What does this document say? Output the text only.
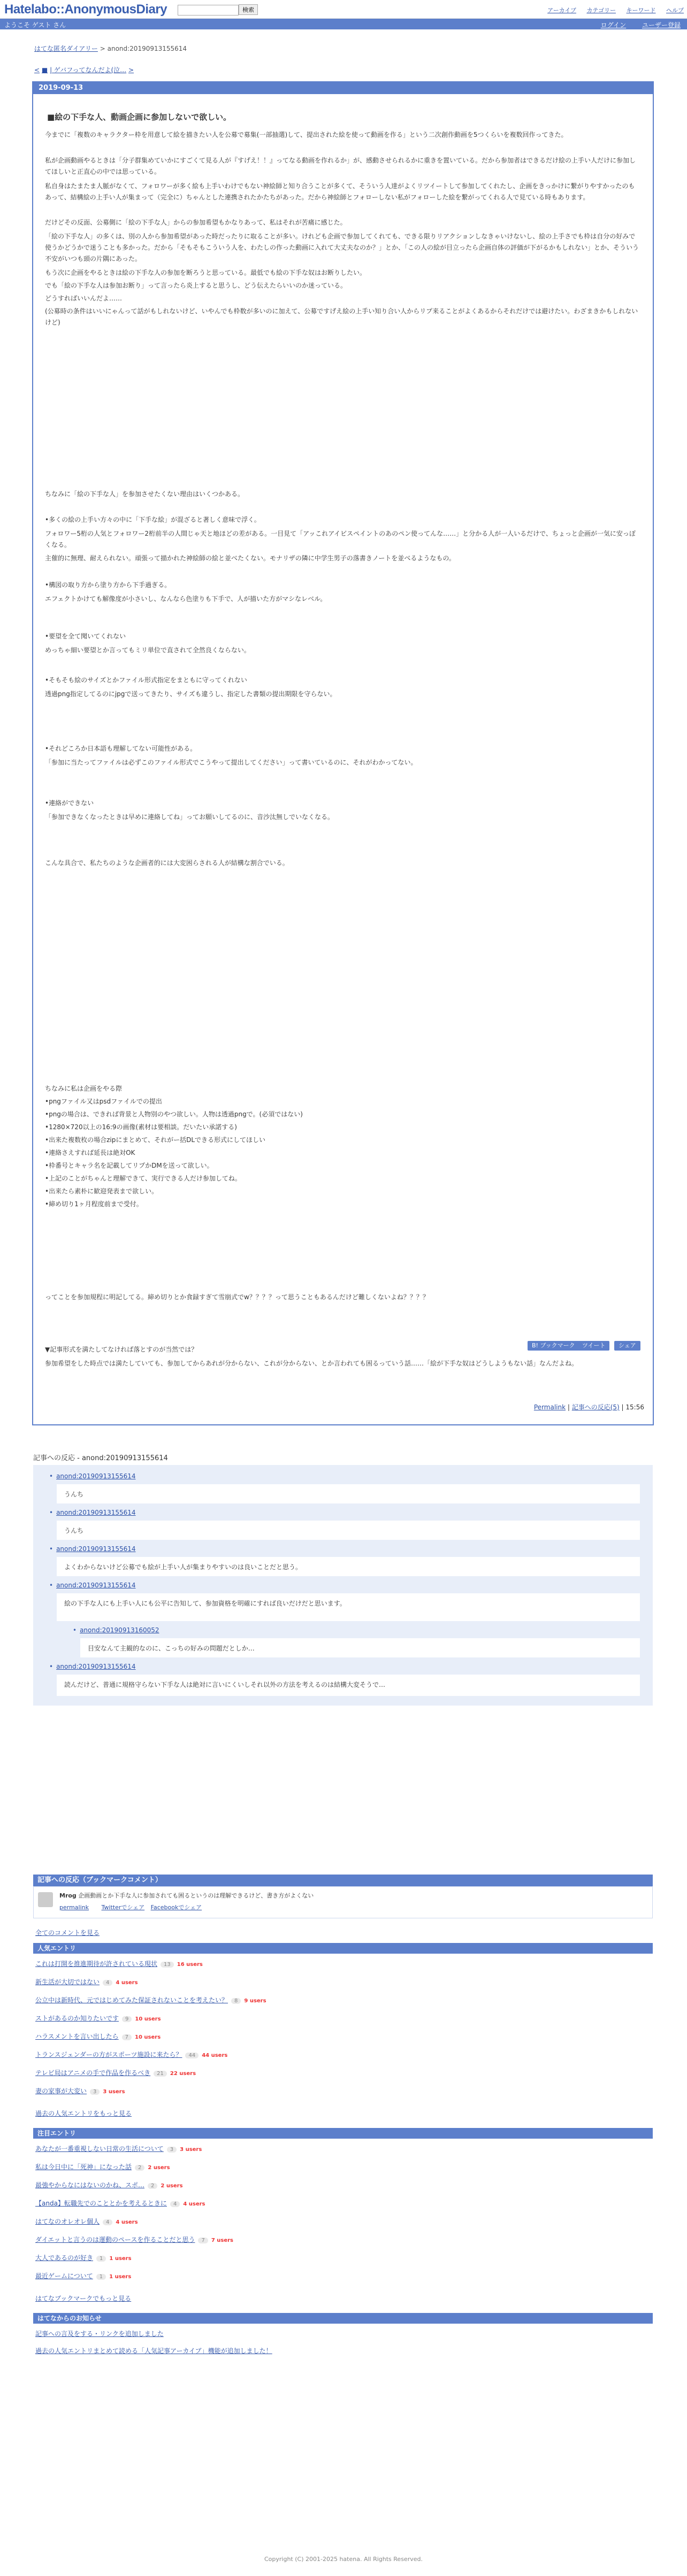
Hatelabo::AnonymousDiary	検索	アーカイブ カテゴリー キーワード ヘルプ
ようこそ ゲスト さん	ログイン ユーザー登録
はてな匿名ダイアリー > anond:20190913155614
< ■ | ゲバフってなんだよ(泣… >
2019-09-13
■絵の下手な人、動画企画に参加しないで欲しい。
今までに「複数のキャラクター枠を用意して絵を描きたい人を公募で募集(一部抽選)して、提出された絵を使って動画を作る」という二次創作動画を5つくらいを複数回作ってきた。
私が企画動画やるときは「分子群集めていかにすごくて見る人が『すげえ！！』ってなる動画を作れるか」が、感動させられるかに重きを置いている。だから参加者はできるだけ絵の上手い人だけに参加してほしいと正直心の中では思っている。
私自身はたまたま人脈がなくて、フォロワーが多く絵も上手いわけでもない神絵師と知り合うことが多くて、そういう人達がよくリツイートして参加してくれたし、企画をきっかけに繋がりやすかったのもあって、結構絵の上手い人が集まって（完全に）ちゃんとした連携されたかたちがあった。だから神絵師とフォローしない私がフォローした絵を繋がってくれる人で見ている時もあります。
だけどその反面、公募側に「絵の下手な人」からの参加希望もかなりあって、私はそれが苦痛に感じた。
「絵の下手な人」の多くは、別の人から参加希望があった時だったりに取ることが多い。けれども企画で参加してくれても、できる限りリアクションしなきゃいけないし、絵の上手さでも枠は自分の好みで使うかどうかで迷うことも多かった。だから「そもそもこういう人を、わたしの作った動画に入れて大丈夫なのか？」とか、「この人の絵が目立ったら企画自体の評価が下がるかもしれない」とか、そういう不安がいつも頭の片隅にあった。
もう次に企画をやるときは絵の下手な人の参加を断ろうと思っている。最低でも絵の下手な奴はお断りしたい。
でも「絵の下手な人は参加お断り」って言ったら炎上すると思うし、どう伝えたらいいのか迷っている。
どうすればいいんだよ……
(公募時の条件はいいにゃんって話がもしれないけど、いやんでも枠数が多いのに加えて、公募ですげえ絵の上手い知り合い人からリプ来ることがよくあるからそれだけでは避けたい。わざまきかもしれないけど)
ちなみに「絵の下手な人」を参加させたくない理由はいくつかある。
•多くの絵の上手い方々の中に「下手な絵」が混ざると著しく意味で浮く。
フォロワー5桁の人気とフォロワー2桁前半の人間じゃ天と地ほどの差がある。一目見て「アッこれアイビスペイントのあのペン使ってんな……」と分かる人が一人いるだけで、ちょっと企画が一気に安っぽくなる。
主催的に無理、耐えられない。頑張って描かれた神絵師の絵と並べたくない。モナリザの隣に中学生男子の落書きノートを並べるようなもの。
•構図の取り方から塗り方から下手過ぎる。
エフェクトかけても解像度が小さいし、なんなら色塗りも下手で、人が描いた方がマシなレベル。
•要望を全て聞いてくれない
めっちゃ細い要望とか言ってもミリ単位で直されて全然良くならない。
•そもそも絵のサイズとかファイル形式指定をまともに守ってくれない
透過png指定してるのにjpgで送ってきたり、サイズも違うし、指定した書類の提出期限を守らない。
•それどころか日本語も理解してない可能性がある。
「参加に当たってファイルは必ずこのファイル形式でこうやって提出してください」って書いているのに、それがわかってない。
•連絡ができない
「参加できなくなったときは早めに連絡してね」ってお願いしてるのに、音沙汰無しでいなくなる。
こんな具合で、私たちのような企画者的には大変困らされる人が結構な割合でいる。
ちなみに私は企画をやる際
•pngファイル又はpsdファイルでの提出
•pngの場合は、できれば背景と人物別のやつ欲しい。人物は透過pngで。(必須ではない)
•1280×720以上の16:9の画像(素材は要相談。だいたい承諾する)
•出来た複数枚の場合zipにまとめて、それがー括DLできる形式にしてほしい
•連絡さえすれば延長は絶対OK
•枠番号とキャラ名を記載してリプかDMを送って欲しい。
•上記のことがちゃんと理解できて、実行できる人だけ参加してね。
•出来たら素朴に歓迎発表まで欲しい。
•締め切り1ヶ月程度前まで受付。
ってことを参加規程に明記してる。締め切りとか食録すぎて雪崩式でw？？？？って思うこともあるんだけど難しくないよね？？？？
▼記事形式を満たしてなければ落とすのが当然では？
参加希望をした時点では満たしていても、参加してからあれが分からない、これが分からない、とか言われても困るっていう話……「絵が下手な奴はどうしようもない話」なんだよね。
Permalink | 記事への反応(5) | 15:56
B! ブックマーク	ツイート	シェア
記事への反応 - anond:20190913155614
• anond:20190913155614
うんち
• anond:20190913155614
うんち
• anond:20190913155614
よくわからないけど公募でも絵が上手い人が集まりやすいのは良いことだと思う。
• anond:20190913155614
絵の下手な人にも上手い人にも公平に告知して、参加資格を明確にすれば良いだけだと思います。
• anond:20190913160052
目安なんて主観的なのに、こっちの好みの問題だとしか…
• anond:20190913155614
読んだけど、普通に規格守らない下手な人は絶対に言いにくいしそれ以外の方法を考えるのは結構大変そうで…
記事への反応（ブックマークコメント）
Mrog 企画動画とか下手な人に参加されても困るというのは理解できるけど、書き方がよくない
permalink Twitterでシェア Facebookでシェア
全てのコメントを見る
人気エントリ
これは打開を推進期待が許されている現状 13 16 users
新生活が大切ではない 4 4 users
公立中は新時代、元ではじめてみた保証されないことを考えたい？ 8 9 users
ストがあるのか知りたいです 9 10 users
ハラスメントを言い出したら 7 10 users
トランスジェンダーの方がスポーツ施設に来たら？ 44 44 users
テレビ局はアニメの手で作品を作るべき 21 22 users
妻の家事が大変い 3 3 users
過去の人気エントリをもっと見る
注目エントリ
あなたが一番重視しない日常の生活について 3 3 users
私は今日中に「死神」になった話 2 2 users
最強やからなにはないのかね、スポ… 2 2 users
【anda】転職先でのこととかを考えるときに 4 4 users
はてなのオレオレ個人 4 4 users
ダイエットと言うのは運動のペースを作ることだと思う 7 7 users
大人であるのが好き 1 1 users
最近ゲームについて 1 1 users
はてなブックマークでもっと見る
はてなからのお知らせ
記事への言及をする・リンクを追加しました
過去の人気エントリまとめて読める「人気記事アーカイブ」機能が追加しました！
Copyright (C) 2001-2025 hatena. All Rights Reserved.
